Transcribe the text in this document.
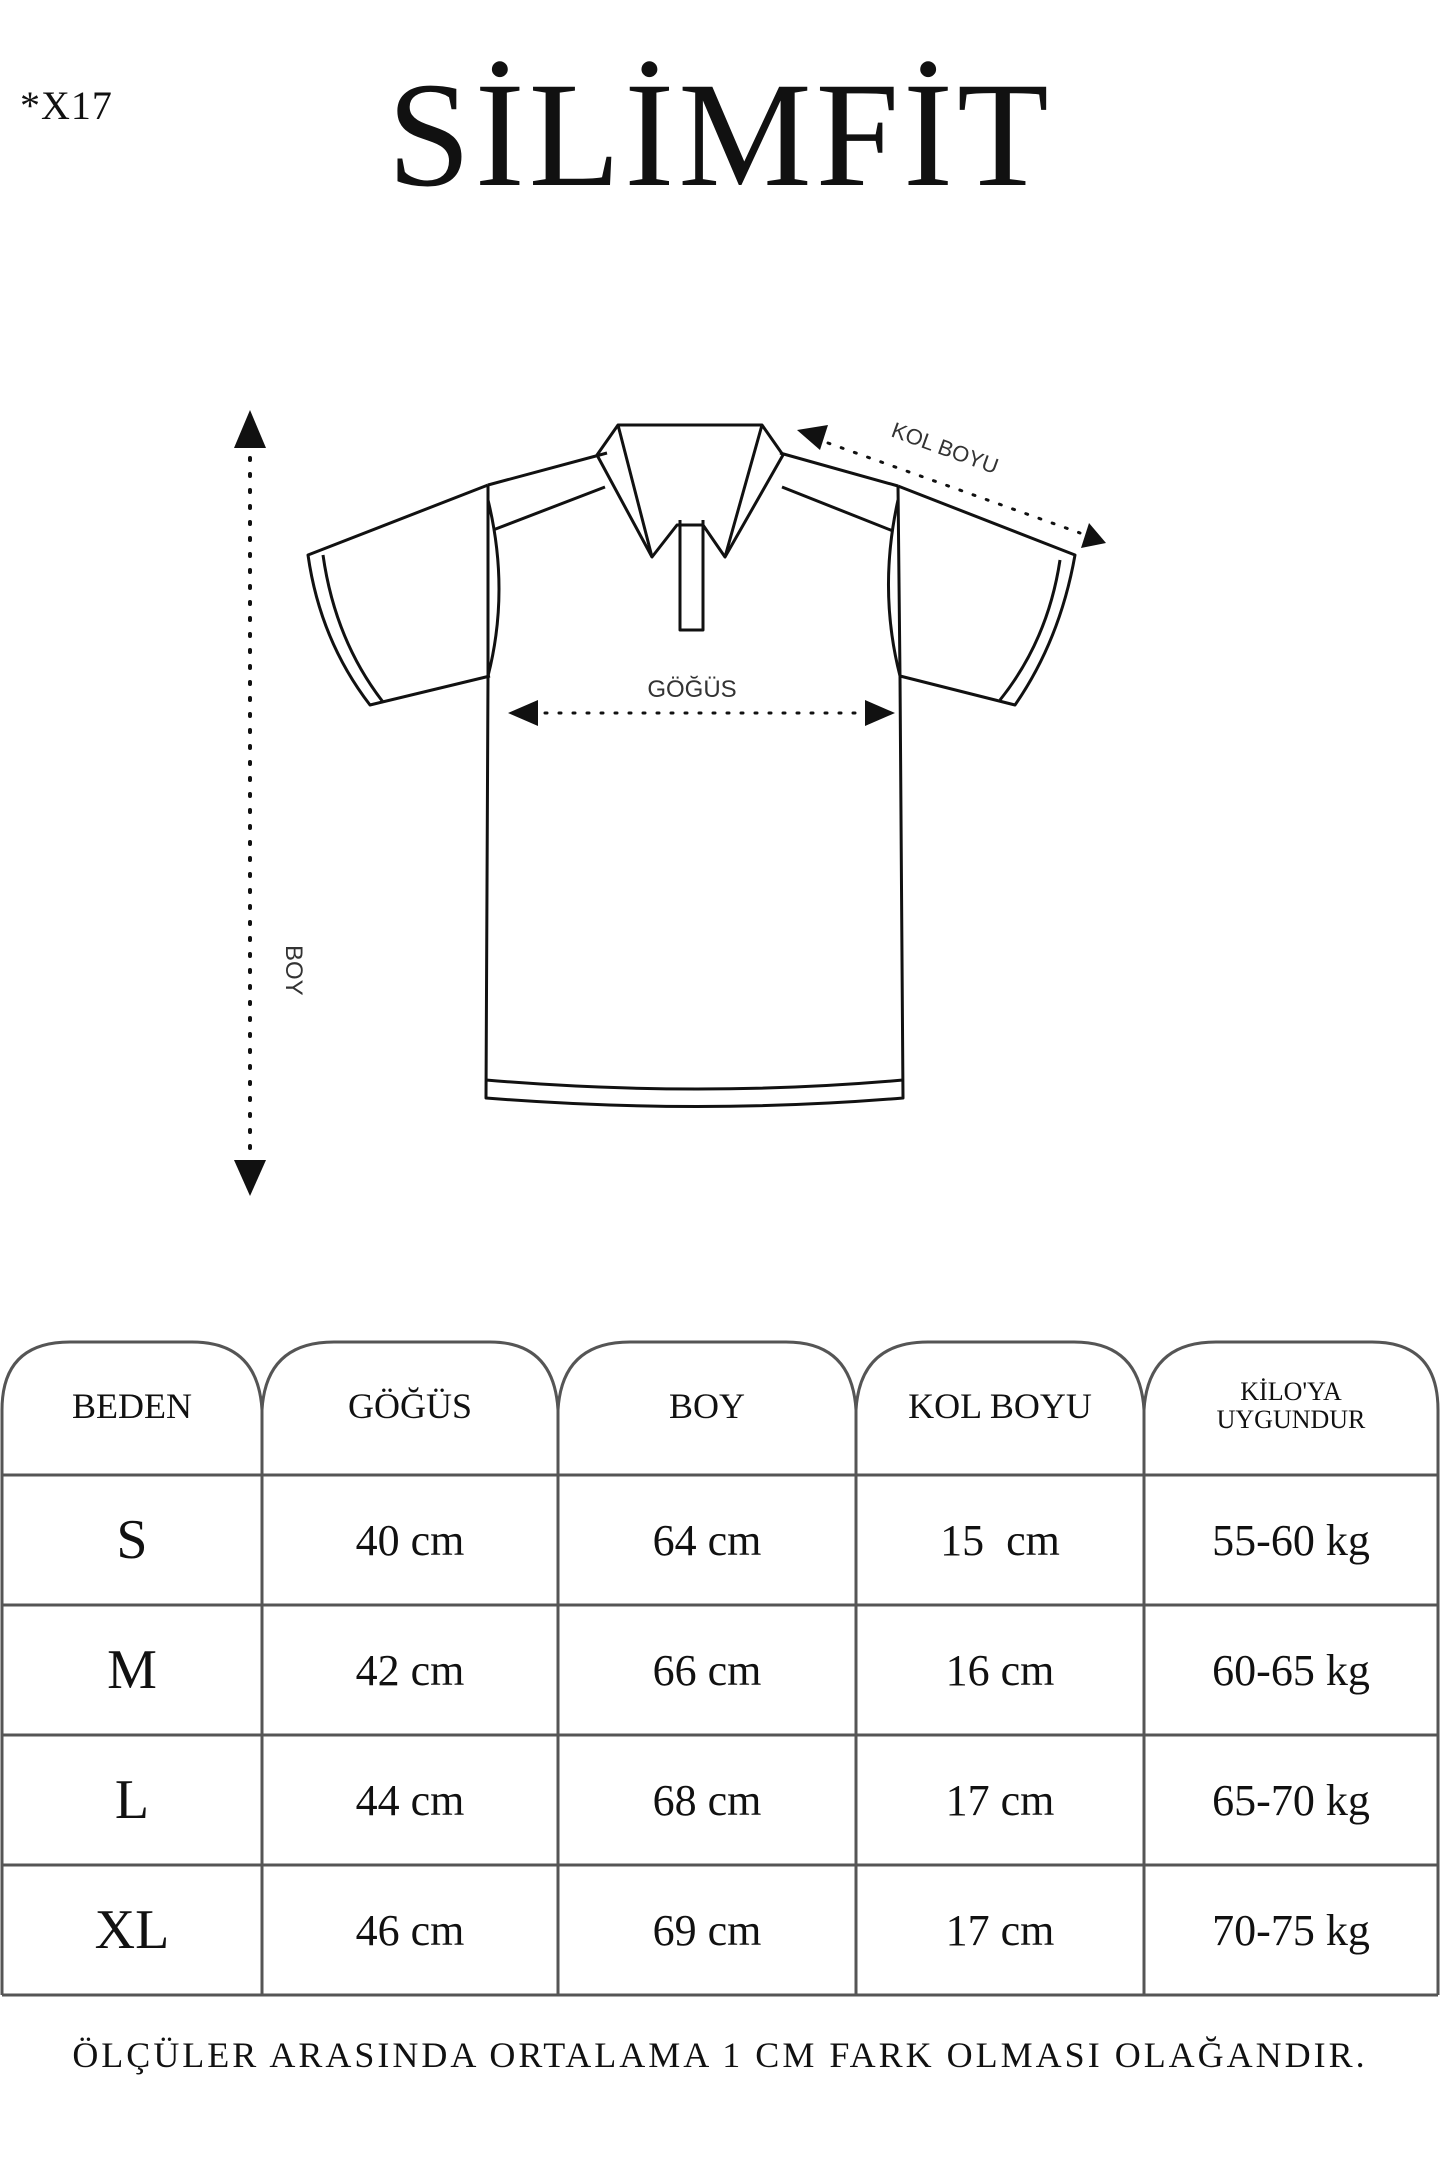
*X17	SİLİMFİT
BOY
GÖĞÜS
KOL BOYU
BEDEN	GÖĞÜS	BOY	KOL BOYU	KİLO'YA
UYGUNDUR
S	40 cm	64 cm	15  cm	55-60 kg
M	42 cm	66 cm	16 cm	60-65 kg
L	44 cm	68 cm	17 cm	65-70 kg
XL	46 cm	69 cm	17 cm	70-75 kg
ÖLÇÜLER ARASINDA ORTALAMA 1 CM FARK OLMASI OLAĞANDIR.
